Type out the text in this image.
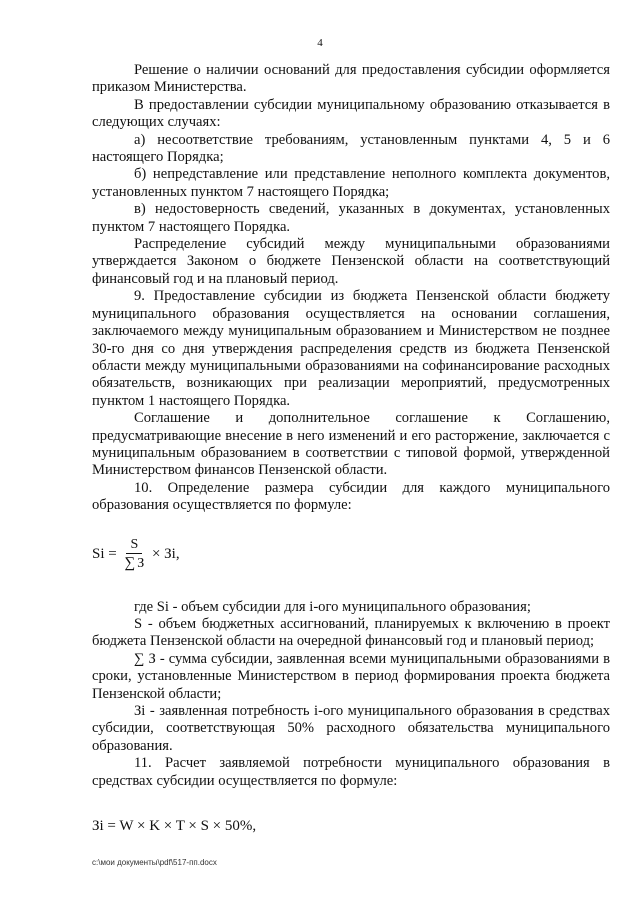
4

Решение о наличии оснований для предоставления субсидии оформляется приказом Министерства.

В предоставлении субсидии муниципальному образованию отказывается в следующих случаях:

а) несоответствие требованиям, установленным пунктами 4, 5 и 6 настоящего Порядка;

б) непредставление или представление неполного комплекта документов, установленных пунктом 7 настоящего Порядка;

в) недостоверность сведений, указанных в документах, установленных пунктом 7 настоящего Порядка.

Распределение субсидий между муниципальными образованиями утверждается Законом о бюджете Пензенской области на соответствующий финансовый год и на плановый период.

9. Предоставление субсидии из бюджета Пензенской области бюджету муниципального образования осуществляется на основании соглашения, заключаемого между муниципальным образованием и Министерством не позднее 30-го дня со дня утверждения распределения средств из бюджета Пензенской области между муниципальными образованиями на софинансирование расходных обязательств, возникающих при реализации мероприятий, предусмотренных пунктом 1 настоящего Порядка.

Соглашение и дополнительное соглашение к Соглашению, предусматривающие внесение в него изменений и его расторжение, заключается с муниципальным образованием в соответствии с типовой формой, утвержденной Министерством финансов Пензенской области.

10. Определение размера субсидии для каждого муниципального образования осуществляется по формуле:

$Si = \frac{S}{\sum З}$ × Зi,

где Si - объем субсидии для i-ого муниципального образования;

S - объем бюджетных ассигнований, планируемых к включению в проект бюджета Пензенской области на очередной финансовый год и плановый период;

∑ З - сумма субсидии, заявленная всеми муниципальными образованиями в сроки, установленные Министерством в период формирования проекта бюджета Пензенской области;

Зi - заявленная потребность i-ого муниципального образования в средствах субсидии, соответствующая 50% расходного обязательства муниципального образования.

11. Расчет заявляемой потребности муниципального образования в средствах субсидии осуществляется по формуле:

Зi = W × K × T × S × 50%,
c:\мои документы\pdf\517-пп.docx
